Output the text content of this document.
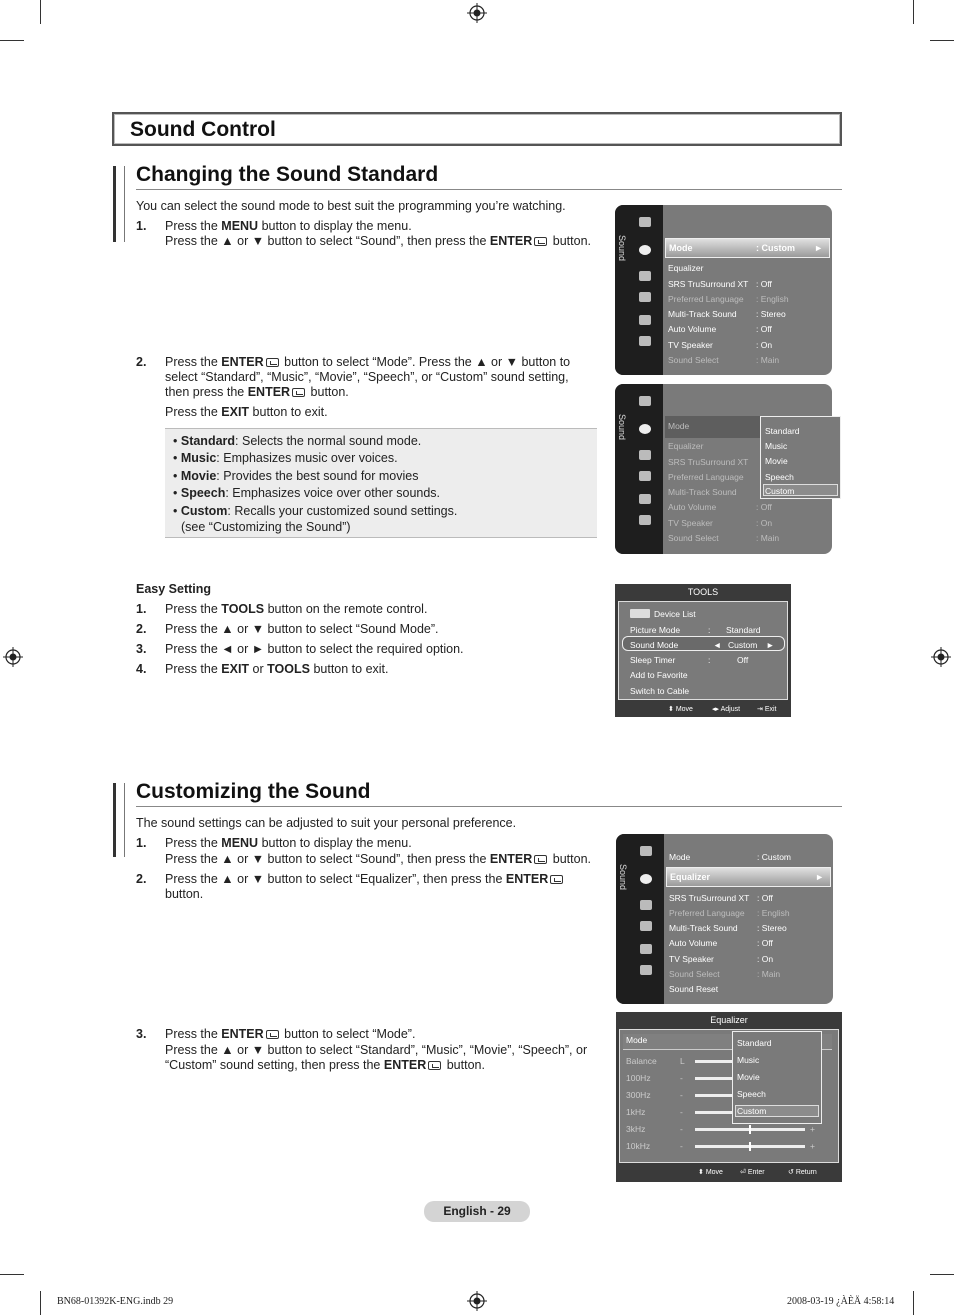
Sound Control
Changing the Sound Standard
You can select the sound mode to best suit the programming you’re watching.
1. Press the MENU button to display the menu.
Press the ▲ or ▼ button to select “Sound”, then press the ENTER button.
2. Press the ENTER button to select “Mode”. Press the ▲ or ▼ button to
select “Standard”, “Music”, “Movie”, “Speech”, or “Custom” sound setting,
then press the ENTER button.
Press the EXIT button to exit.
• Standard: Selects the normal sound mode.
• Music: Emphasizes music over voices.
• Movie: Provides the best sound for movies
• Speech: Emphasizes voice over other sounds.
• Custom: Recalls your customized sound settings.
(see “Customizing the Sound”)
Easy Setting
1. Press the TOOLS button on the remote control.
2. Press the ▲ or ▼ button to select “Sound Mode”.
3. Press the ◄ or ► button to select the required option.
4. Press the EXIT or TOOLS button to exit.
Sound	Mode	: Custom ►
Equalizer
SRS TruSurround XT : Off
Preferred Language : English
Multi-Track Sound : Stereo
Auto Volume	: Off
TV Speaker	: On
Sound Select	: Main
Sound	Mode
Equalizer
SRS TruSurround XT
Preferred Language
Multi-Track Sound
Auto Volume	: Off
TV Speaker	: On
Sound Select	: Main
Standard
Music
Movie
Speech
Custom
TOOLS
Device List
Picture Mode	: Standard
Sound Mode	◄ Custom ►
Sleep Timer	:	Off
Add to Favorite
Switch to Cable
⬍ Move	◂▸ Adjust ⇥ Exit
Customizing the Sound
The sound settings can be adjusted to suit your personal preference.
1. Press the MENU button to display the menu.
Press the ▲ or ▼ button to select “Sound”, then press the ENTER button.
2. Press the ▲ or ▼ button to select “Equalizer”, then press the ENTER
button.
3. Press the ENTER button to select “Mode”.
Press the ▲ or ▼ button to select “Standard”, “Music”, “Movie”, “Speech”, or
“Custom” sound setting, then press the ENTER button.
Sound
Mode	: Custom
Equalizer	►
SRS TruSurround XT : Off
Preferred Language : English
Multi-Track Sound : Stereo
Auto Volume	: Off
TV Speaker	: On
Sound Select	: Main
Sound Reset
Equalizer
Mode
Balance	L
100Hz	-
300Hz	-
1kHz	-
3kHz	-	+
10kHz	-	+
⬍ Move ⏎ Enter	↺ Return
Standard
Music
Movie
Speech
Custom
English - 29
BN68-01392K-ENG.indb 29	2008-03-19 ¿ÀÈÄ 4:58:14
